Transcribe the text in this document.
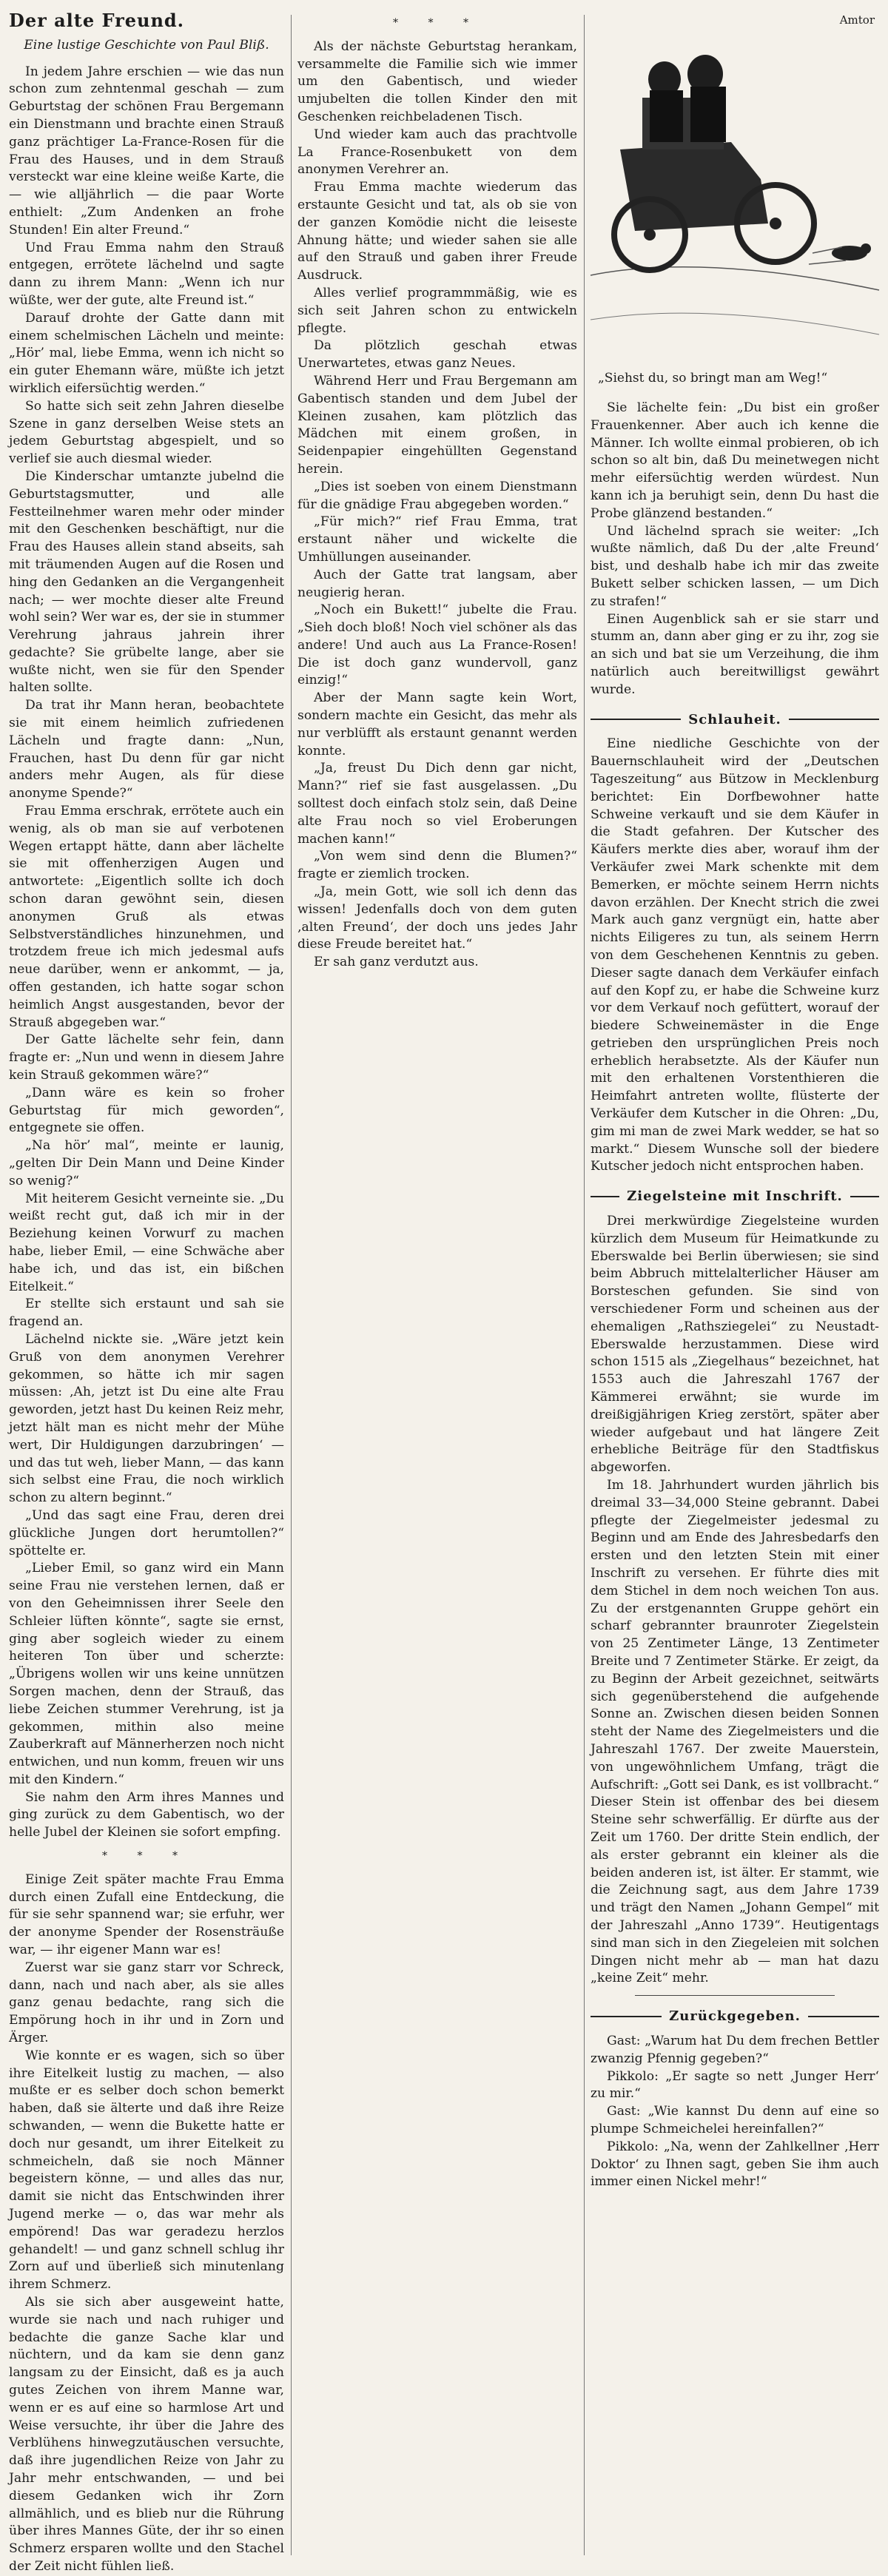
Der alte Freund.
Eine lustige Geschichte von Paul Bliß.

In jedem Jahre erschien — wie das nun schon zum zehntenmal geschah — zum Geburtstag der schönen Frau Bergemann ein Dienstmann und brachte einen Strauß ganz prächtiger La-France-Rosen für die Frau des Hauses, und in dem Strauß versteckt war eine kleine weiße Karte, die — wie alljährlich — die paar Worte enthielt: „Zum Andenken an frohe Stunden! Ein alter Freund.“

Und Frau Emma nahm den Strauß entgegen, errötete lächelnd und sagte dann zu ihrem Mann: „Wenn ich nur wüßte, wer der gute, alte Freund ist.“

Darauf drohte der Gatte dann mit einem schelmischen Lächeln und meinte: „Hör’ mal, liebe Emma, wenn ich nicht so ein guter Ehemann wäre, müßte ich jetzt wirklich eifersüchtig werden.“

So hatte sich seit zehn Jahren dieselbe Szene in ganz derselben Weise stets an jedem Geburtstag abgespielt, und so verlief sie auch diesmal wieder.

Die Kinderschar umtanzte jubelnd die Geburtstagsmutter, und alle Festteilnehmer waren mehr oder minder mit den Geschenken beschäftigt, nur die Frau des Hauses allein stand abseits, sah mit träumenden Augen auf die Rosen und hing den Gedanken an die Vergangenheit nach; — wer mochte dieser alte Freund wohl sein? Wer war es, der sie in stummer Verehrung jahraus jahrein ihrer gedachte? Sie grübelte lange, aber sie wußte nicht, wen sie für den Spender halten sollte.

Da trat ihr Mann heran, beobachtete sie mit einem heimlich zufriedenen Lächeln und fragte dann: „Nun, Frauchen, hast Du denn für gar nicht anders mehr Augen, als für diese anonyme Spende?“

Frau Emma erschrak, errötete auch ein wenig, als ob man sie auf verbotenen Wegen ertappt hätte, dann aber lächelte sie mit offenherzigen Augen und antwortete: „Eigentlich sollte ich doch schon daran gewöhnt sein, diesen anonymen Gruß als etwas Selbstverständliches hinzunehmen, und trotzdem freue ich mich jedesmal aufs neue darüber, wenn er ankommt, — ja, offen gestanden, ich hatte sogar schon heimlich Angst ausgestanden, bevor der Strauß abgegeben war.“

Der Gatte lächelte sehr fein, dann fragte er: „Nun und wenn in diesem Jahre kein Strauß gekommen wäre?“

„Dann wäre es kein so froher Geburtstag für mich geworden“, entgegnete sie offen.

„Na hör’ mal“, meinte er launig, „gelten Dir Dein Mann und Deine Kinder so wenig?“

Mit heiterem Gesicht verneinte sie. „Du weißt recht gut, daß ich mir in der Beziehung keinen Vorwurf zu machen habe, lieber Emil, — eine Schwäche aber habe ich, und das ist, ein bißchen Eitelkeit.“

Er stellte sich erstaunt und sah sie fragend an.

Lächelnd nickte sie. „Wäre jetzt kein Gruß von dem anonymen Verehrer gekommen, so hätte ich mir sagen müssen: ‚Ah, jetzt ist Du eine alte Frau geworden, jetzt hast Du keinen Reiz mehr, jetzt hält man es nicht mehr der Mühe wert, Dir Huldigungen darzubringen‘ — und das tut weh, lieber Mann, — das kann sich selbst eine Frau, die noch wirklich schon zu altern beginnt.“

„Und das sagt eine Frau, deren drei glückliche Jungen dort herumtollen?“ spöttelte er.

„Lieber Emil, so ganz wird ein Mann seine Frau nie verstehen lernen, daß er von den Geheimnissen ihrer Seele den Schleier lüften könnte“, sagte sie ernst, ging aber sogleich wieder zu einem heiteren Ton über und scherzte: „Übrigens wollen wir uns keine unnützen Sorgen machen, denn der Strauß, das liebe Zeichen stummer Verehrung, ist ja gekommen, mithin also meine Zauberkraft auf Männerherzen noch nicht entwichen, und nun komm, freuen wir uns mit den Kindern.“

Sie nahm den Arm ihres Mannes und ging zurück zu dem Gabentisch, wo der helle Jubel der Kleinen sie sofort empfing.

* * *

Einige Zeit später machte Frau Emma durch einen Zufall eine Entdeckung, die für sie sehr spannend war; sie erfuhr, wer der anonyme Spender der Rosensträuße war, — ihr eigener Mann war es!

Zuerst war sie ganz starr vor Schreck, dann, nach und nach aber, als sie alles ganz genau bedachte, rang sich die Empörung hoch in ihr und in Zorn und Ärger.

Wie konnte er es wagen, sich so über ihre Eitelkeit lustig zu machen, — also mußte er es selber doch schon bemerkt haben, daß sie älterte und daß ihre Reize schwanden, — wenn die Bukette hatte er doch nur gesandt, um ihrer Eitelkeit zu schmeicheln, daß sie noch Männer begeistern könne, — und alles das nur, damit sie nicht das Entschwinden ihrer Jugend merke — o, das war mehr als empörend! Das war geradezu herzlos gehandelt! — und ganz schnell schlug ihr Zorn auf und überließ sich minutenlang ihrem Schmerz.

Als sie sich aber ausgeweint hatte, wurde sie nach und nach ruhiger und bedachte die ganze Sache klar und nüchtern, und da kam sie denn ganz langsam zu der Einsicht, daß es ja auch gutes Zeichen von ihrem Manne war, wenn er es auf eine so harmlose Art und Weise versuchte, ihr über die Jahre des Verblühens hinwegzutäuschen versuchte, daß ihre jugendlichen Reize von Jahr zu Jahr mehr entschwanden, — und bei diesem Gedanken wich ihr Zorn allmählich, und es blieb nur die Rührung über ihres Mannes Güte, der ihr so einen Schmerz ersparen wollte und den Stachel der Zeit nicht fühlen ließ.

* * *

Als der nächste Geburtstag herankam, versammelte die Familie sich wie immer um den Gabentisch, und wieder umjubelten die tollen Kinder den mit Geschenken reichbeladenen Tisch.

Und wieder kam auch das prachtvolle La France-Rosenbukett von dem anonymen Verehrer an.

Frau Emma machte wiederum das erstaunte Gesicht und tat, als ob sie von der ganzen Komödie nicht die leiseste Ahnung hätte; und wieder sahen sie alle auf den Strauß und gaben ihrer Freude Ausdruck.

Alles verlief programmmäßig, wie es sich seit Jahren schon zu entwickeln pflegte.

Da plötzlich geschah etwas Unerwartetes, etwas ganz Neues.

Während Herr und Frau Bergemann am Gabentisch standen und dem Jubel der Kleinen zusahen, kam plötzlich das Mädchen mit einem großen, in Seidenpapier eingehüllten Gegenstand herein.

„Dies ist soeben von einem Dienstmann für die gnädige Frau abgegeben worden.“

„Für mich?“ rief Frau Emma, trat erstaunt näher und wickelte die Umhüllungen auseinander.

Auch der Gatte trat langsam, aber neugierig heran.

„Noch ein Bukett!“ jubelte die Frau. „Sieh doch bloß! Noch viel schöner als das andere! Und auch aus La France-Rosen! Die ist doch ganz wundervoll, ganz einzig!“

Aber der Mann sagte kein Wort, sondern machte ein Gesicht, das mehr als nur verblüfft als erstaunt genannt werden konnte.

„Ja, freust Du Dich denn gar nicht, Mann?“ rief sie fast ausgelassen. „Du solltest doch einfach stolz sein, daß Deine alte Frau noch so viel Eroberungen machen kann!“

„Von wem sind denn die Blumen?“ fragte er ziemlich trocken.

„Ja, mein Gott, wie soll ich denn das wissen! Jedenfalls doch von dem guten ‚alten Freund‘, der doch uns jedes Jahr diese Freude bereitet hat.“

Er sah ganz verdutzt aus.

Amtor
„Siehst du, so bringt man am Weg!“

Sie lächelte fein: „Du bist ein großer Frauenkenner. Aber auch ich kenne die Männer. Ich wollte einmal probieren, ob ich schon so alt bin, daß Du meinetwegen nicht mehr eifersüchtig werden würdest. Nun kann ich ja beruhigt sein, denn Du hast die Probe glänzend bestanden.“

Und lächelnd sprach sie weiter: „Ich wußte nämlich, daß Du der ‚alte Freund‘ bist, und deshalb habe ich mir das zweite Bukett selber schicken lassen, — um Dich zu strafen!“

Einen Augenblick sah er sie starr und stumm an, dann aber ging er zu ihr, zog sie an sich und bat sie um Verzeihung, die ihm natürlich auch bereitwilligst gewährt wurde.

Schlauheit.

Eine niedliche Geschichte von der Bauernschlauheit wird der „Deutschen Tageszeitung“ aus Bützow in Mecklenburg berichtet: Ein Dorfbewohner hatte Schweine verkauft und sie dem Käufer in die Stadt gefahren. Der Kutscher des Käufers merkte dies aber, worauf ihm der Verkäufer zwei Mark schenkte mit dem Bemerken, er möchte seinem Herrn nichts davon erzählen. Der Knecht strich die zwei Mark auch ganz vergnügt ein, hatte aber nichts Eiligeres zu tun, als seinem Herrn von dem Geschehenen Kenntnis zu geben. Dieser sagte danach dem Verkäufer einfach auf den Kopf zu, er habe die Schweine kurz vor dem Verkauf noch gefüttert, worauf der biedere Schweinemäster in die Enge getrieben den ursprünglichen Preis noch erheblich herabsetzte. Als der Käufer nun mit den erhaltenen Vorstenthieren die Heimfahrt antreten wollte, flüsterte der Verkäufer dem Kutscher in die Ohren: „Du, gim mi man de zwei Mark wedder, se hat so markt.“ Diesem Wunsche soll der biedere Kutscher jedoch nicht entsprochen haben.

Ziegelsteine mit Inschrift.

Drei merkwürdige Ziegelsteine wurden kürzlich dem Museum für Heimatkunde zu Eberswalde bei Berlin überwiesen; sie sind beim Abbruch mittelalterlicher Häuser am Borsteschen gefunden. Sie sind von verschiedener Form und scheinen aus der ehemaligen „Rathsziegelei“ zu Neustadt-Eberswalde herzustammen. Diese wird schon 1515 als „Ziegelhaus“ bezeichnet, hat 1553 auch die Jahreszahl 1767 der Kämmerei erwähnt; sie wurde im dreißigjährigen Krieg zerstört, später aber wieder aufgebaut und hat längere Zeit erhebliche Beiträge für den Stadtfiskus abgeworfen.

Im 18. Jahrhundert wurden jährlich bis dreimal 33—34,000 Steine gebrannt. Dabei pflegte der Ziegelmeister jedesmal zu Beginn und am Ende des Jahresbedarfs den ersten und den letzten Stein mit einer Inschrift zu versehen. Er führte dies mit dem Stichel in dem noch weichen Ton aus. Zu der erstgenannten Gruppe gehört ein scharf gebrannter braunroter Ziegelstein von 25 Zentimeter Länge, 13 Zentimeter Breite und 7 Zentimeter Stärke. Er zeigt, da zu Beginn der Arbeit gezeichnet, seitwärts sich gegenüberstehend die aufgehende Sonne an. Zwischen diesen beiden Sonnen steht der Name des Ziegelmeisters und die Jahreszahl 1767. Der zweite Mauerstein, von ungewöhnlichem Umfang, trägt die Aufschrift: „Gott sei Dank, es ist vollbracht.“ Dieser Stein ist offenbar des bei diesem Steine sehr schwerfällig. Er dürfte aus der Zeit um 1760. Der dritte Stein endlich, der als erster gebrannt ein kleiner als die beiden anderen ist, ist älter. Er stammt, wie die Zeichnung sagt, aus dem Jahre 1739 und trägt den Namen „Johann Gempel“ mit der Jahreszahl „Anno 1739“. Heutigentags sind man sich in den Ziegeleien mit solchen Dingen nicht mehr ab — man hat dazu „keine Zeit“ mehr.

Zurückgegeben.

Gast: „Warum hat Du dem frechen Bettler zwanzig Pfennig gegeben?“

Pikkolo: „Er sagte so nett ‚Junger Herr‘ zu mir.“

Gast: „Wie kannst Du denn auf eine so plumpe Schmeichelei hereinfallen?“

Pikkolo: „Na, wenn der Zahlkellner ‚Herr Doktor‘ zu Ihnen sagt, geben Sie ihm auch immer einen Nickel mehr!“
